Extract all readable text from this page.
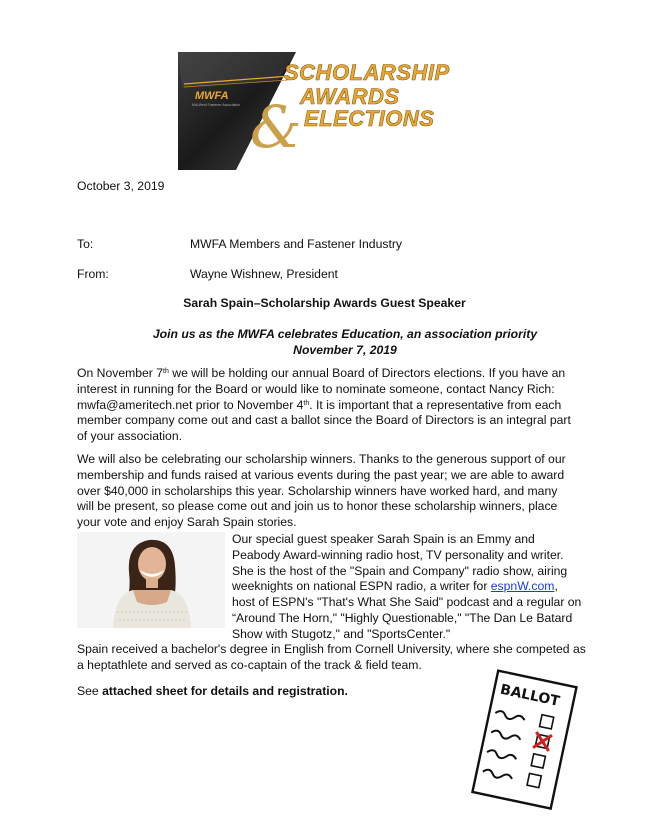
MWFA
Mid-West Fastener Association &
SCHOLARSHIP
AWARDS
ELECTIONS
October 3, 2019
To:	MWFA Members and Fastener Industry
From:	Wayne Wishnew, President
Sarah Spain–Scholarship Awards Guest Speaker
Join us as the MWFA celebrates Education, an association priority
November 7, 2019
On November 7th we will be holding our annual Board of Directors elections. If you have an interest in running for the Board or would like to nominate someone, contact Nancy Rich: mwfa@ameritech.net prior to November 4th. It is important that a representative from each member company come out and cast a ballot since the Board of Directors is an integral part of your association.
We will also be celebrating our scholarship winners. Thanks to the generous support of our membership and funds raised at various events during the past year; we are able to award over $40,000 in scholarships this year. Scholarship winners have worked hard, and many will be present, so please come out and join us to honor these scholarship winners, place your vote and enjoy Sarah Spain stories.
Our special guest speaker Sarah Spain is an Emmy and Peabody Award-winning radio host, TV personality and writer. She is the host of the "Spain and Company" radio show, airing weeknights on national ESPN radio, a writer for espnW.com, host of ESPN's "That's What She Said" podcast and a regular on “Around The Horn," "Highly Questionable," "The Dan Le Batard Show with Stugotz," and "SportsCenter."
Spain received a bachelor's degree in English from Cornell University, where she competed as a heptathlete and served as co-captain of the track & field team.
See attached sheet for details and registration.	BALLOT
